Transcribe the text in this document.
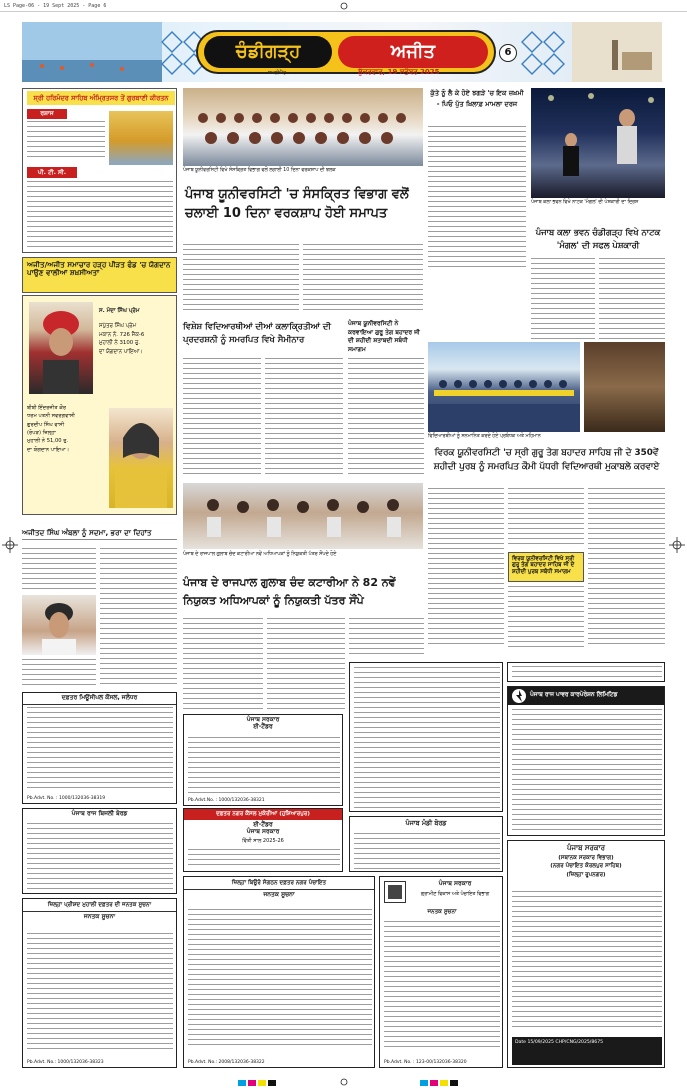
LS Page-06 - 19 Sept 2025 - Page 6
ਚੰਡੀਗੜ੍ਹ	ਅਜੀਤ	6
ਸਪਲੀਮੈਂਟ	ਸ਼ੁੱਕਰਵਾਰ, 19 ਸਤੰਬਰ 2025
ਸ੍ਰੀ ਹਰਿਮੰਦਰ ਸਾਹਿਬ ਅੰਮ੍ਰਿਤਸਰ ਤੋਂ ਗੁਰਬਾਣੀ ਕੀਰਤਨ
ਰਸ਼ਾਜ
ਪੀ. ਟੀ. ਸੀ.
ਅਜੀਤ/ਅਜੀਤ ਸਮਾਚਾਰ ਹੜ੍ਹ ਪੀੜਤ ਫੰਡ 'ਚ ਯੋਗਦਾਨ ਪਾਉਣ ਵਾਲੀਆਂ ਸ਼ਖ਼ਸੀਅਤਾਂ
ਸ. ਮੋਦਾ ਸਿੰਘ ਪ੍ਰੇਮ
ਸਪੁੱਤਰ ਸਿੰਘ ਪ੍ਰੇਮ
ਮਕਾਨ ਨੰ. 726 ਸੈਕ-6
ਮੁਹਾਲੀ ਨੇ 3100 ਰੁ.
ਦਾ ਯੋਗਦਾਨ ਪਾਇਆ।
ਬੀਬੀ ਇੰਦਰਜੀਤ ਕੌਰ
ਧਰਮ ਪਤਨੀ ਸਵਰਗਵਾਸੀ
ਗੁਰਦੀਪ ਸਿੰਘ ਵਾਸੀ
(ਰੋਪੜ) ਜ਼ਿਲ੍ਹਾ
ਮੁਹਾਲੀ ਨੇ 51,00 ਰੁ.
ਦਾ ਯੋਗਦਾਨ ਪਾਇਆ।
ਪੰਜਾਬ ਯੂਨੀਵਰਸਿਟੀ ਵਿਖੇ ਸੰਸਕ੍ਰਿਤ ਵਿਭਾਗ ਵਲੋਂ ਲਗਾਈ 10 ਦਿਨਾ ਵਰਕਸ਼ਾਪ ਦੀ ਝਲਕ
ਪੰਜਾਬ ਯੂਨੀਵਰਸਿਟੀ 'ਚ ਸੰਸਕ੍ਰਿਤ ਵਿਭਾਗ ਵਲੋਂ ਚਲਾਈ 10 ਦਿਨਾ ਵਰਕਸ਼ਾਪ ਹੋਈ ਸਮਾਪਤ
ਵਿਸ਼ੇਸ਼ ਵਿਦਿਆਰਥੀਆਂ ਦੀਆਂ ਕਲਾਕ੍ਰਿਤੀਆਂ ਦੀ ਪ੍ਰਦਰਸ਼ਨੀ ਨੂੰ ਸਮਰਪਿਤ ਵਿਖੇ ਸੈਮੀਨਾਰ
ਪੰਜਾਬ ਯੂਨੀਵਰਸਿਟੀ ਨੇ ਕਰਵਾਇਆ ਗੁਰੂ ਤੇਗ ਬਹਾਦਰ ਜੀ ਦੀ ਸ਼ਹੀਦੀ ਸ਼ਤਾਬਦੀ ਸਬੰਧੀ ਸਮਾਗਮ
ਕੁੱਤੇ ਨੂੰ ਲੈ ਕੇ ਹੋਏ ਝਗੜੇ 'ਚ ਇਕ ਜ਼ਖ਼ਮੀ - ਪਿਓ ਪੁੱਤ ਖ਼ਿਲਾਫ਼ ਮਾਮਲਾ ਦਰਜ
ਪੰਜਾਬ ਕਲਾ ਭਵਨ ਵਿਖੇ ਨਾਟਕ 'ਮੰਗਲ' ਦੀ ਪੇਸ਼ਕਾਰੀ ਦਾ ਦ੍ਰਿਸ਼
ਪੰਜਾਬ ਕਲਾ ਭਵਨ ਚੰਡੀਗੜ੍ਹ ਵਿਖੇ ਨਾਟਕ 'ਮੰਗਲ' ਦੀ ਸਫਲ ਪੇਸ਼ਕਾਰੀ
ਵਿਦਿਆਰਥੀਆਂ ਨੂੰ ਸਨਮਾਨਿਤ ਕਰਦੇ ਹੋਏ ਪ੍ਰਬੰਧਕ ਅਤੇ ਮਹਿਮਾਨ
ਵਿਰਕ ਯੂਨੀਵਰਸਿਟੀ 'ਚ ਸ੍ਰੀ ਗੁਰੂ ਤੇਗ ਬਹਾਦਰ ਸਾਹਿਬ ਜੀ ਦੇ 350ਵੇਂ ਸ਼ਹੀਦੀ ਪੁਰਬ ਨੂੰ ਸਮਰਪਿਤ ਕੌਮੀ ਪੱਧਰੀ ਵਿਦਿਆਰਥੀ ਮੁਕਾਬਲੇ ਕਰਵਾਏ
ਵਿਰਕ ਯੂਨੀਵਰਸਿਟੀ ਵਿਖੇ ਸ੍ਰੀ ਗੁਰੂ ਤੇਗ ਬਹਾਦਰ ਸਾਹਿਬ ਜੀ ਦੇ ਸ਼ਹੀਦੀ ਪੁਰਬ ਸਬੰਧੀ ਸਮਾਗਮ
ਅਜੀਤਦ ਸਿੰਘ ਅੰਬਲਾ ਨੂੰ ਸਦਮਾ, ਭਰਾ ਦਾ ਦਿਹਾਂਤ
ਪੰਜਾਬ ਦੇ ਰਾਜਪਾਲ ਗੁਲਾਬ ਚੰਦ ਕਟਾਰੀਆ ਨਵੇਂ ਅਧਿਆਪਕਾਂ ਨੂੰ ਨਿਯੁਕਤੀ ਪੱਤਰ ਸੌਂਪਦੇ ਹੋਏ
ਪੰਜਾਬ ਦੇ ਰਾਜਪਾਲ ਗੁਲਾਬ ਚੰਦ ਕਟਾਰੀਆ ਨੇ 82 ਨਵੇਂ ਨਿਯੁਕਤ ਅਧਿਆਪਕਾਂ ਨੂੰ ਨਿਯੁਕਤੀ ਪੱਤਰ ਸੌਂਪੇ
ਦਫ਼ਤਰ ਮਿਊਂਸੀਪਲ ਕੌਂਸਲ, ਜਲੰਧਰ
Pb.Advt. No. : 1000/132036-38319
ਪੰਜਾਬ ਰਾਜ ਬਿਜਲੀ ਬੋਰਡ
ਜ਼ਿਲ੍ਹਾ ਪ੍ਰੀਸ਼ਦ ਮੁਹਾਲੀ ਦਫ਼ਤਰ ਦੀ ਜਨਤਕ ਸੂਚਨਾ
ਜਨਤਕ ਸੂਚਨਾ
Pb.Advt. No.: 1000/132036-38323
ਪੰਜਾਬ ਸਰਕਾਰ
ਈ-ਟੈਂਡਰ
Pb.Advt.No. : 1000/132036-38321
ਦਫ਼ਤਰ ਨਗਰ ਕੌਂਸਲ ਮੁਕੇਰੀਆਂ (ਹੁਸ਼ਿਆਰਪੁਰ)
ਈ-ਟੈਂਡਰ
ਪੰਜਾਬ ਸਰਕਾਰ
ਵਿੱਤੀ ਸਾਲ 2025-26
ਜ਼ਿਲ੍ਹਾ ਬਿਊਰੋ ਸੰਗਠਨ ਦਫ਼ਤਰ ਨਗਰ ਪੰਚਾਇਤ
ਜਨਤਕ ਸੂਚਨਾ
Pb.Advt. No.: 2008/132036-38322
ਪੰਜਾਬ ਮੰਡੀ ਬੋਰਡ
ਪੰਜਾਬ ਰਾਜ ਪਾਵਰ ਕਾਰਪੋਰੇਸ਼ਨ ਲਿਮਿਟਿਡ
ਪੰਜਾਬ ਸਰਕਾਰ
ਗ੍ਰਾਮੀਣ ਵਿਕਾਸ ਅਤੇ ਪੰਚਾਇਤ ਵਿਭਾਗ
ਜਨਤਕ ਸੂਚਨਾ
Pb.Advt. No. : 123-00/132036-38320
ਪੰਜਾਬ ਸਰਕਾਰ
(ਸਥਾਨਕ ਸਰਕਾਰ ਵਿਭਾਗ)
(ਨਗਰ ਪੰਚਾਇਤ ਕੋਰਲਪੁਰ ਸਾਹਿਬ)
(ਜ਼ਿਲ੍ਹਾ ਰੂਪਨਗਰ)
Date 15/09/2025 CHP/CNG/2025/8675
